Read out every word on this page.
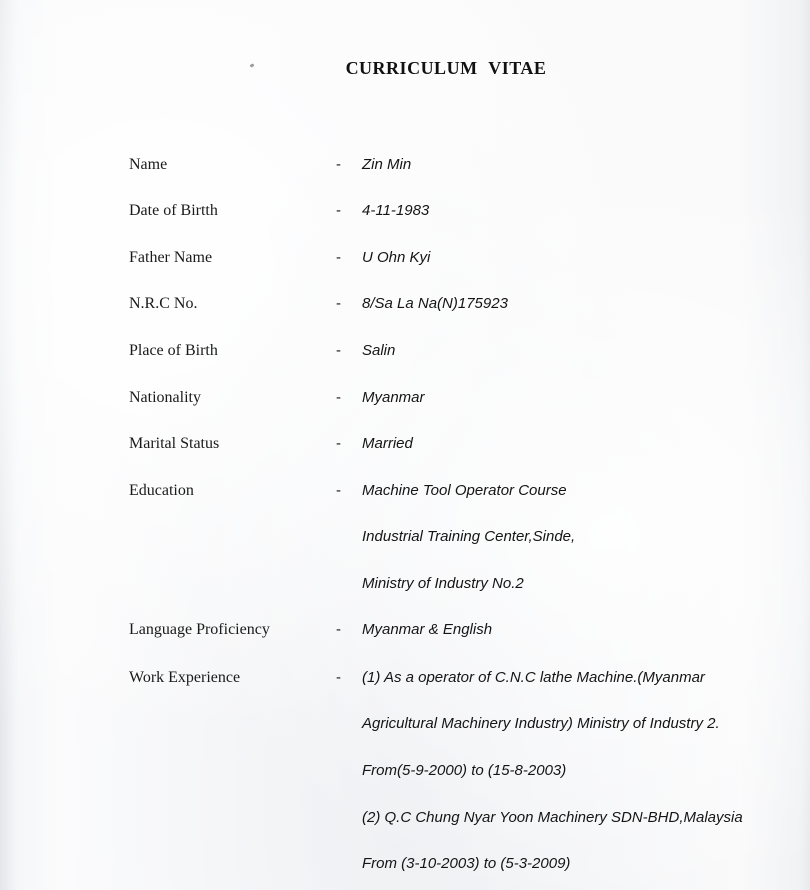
CURRICULUM VITAE
Name	- Zin Min
Date of Birtth	- 4-11-1983
Father Name	- U Ohn Kyi
N.R.C No.	- 8/Sa La Na(N)175923
Place of Birth	- Salin
Nationality	- Myanmar
Marital Status	- Married
Education	- Machine Tool Operator Course
Industrial Training Center,Sinde,
Ministry of Industry No.2
Language Proficiency	- Myanmar & English
Work Experience	- (1) As a operator of C.N.C lathe Machine.(Myanmar
Agricultural Machinery Industry) Ministry of Industry 2.
From(5-9-2000) to (15-8-2003)
(2) Q.C Chung Nyar Yoon Machinery SDN-BHD,Malaysia
From (3-10-2003) to (5-3-2009)
